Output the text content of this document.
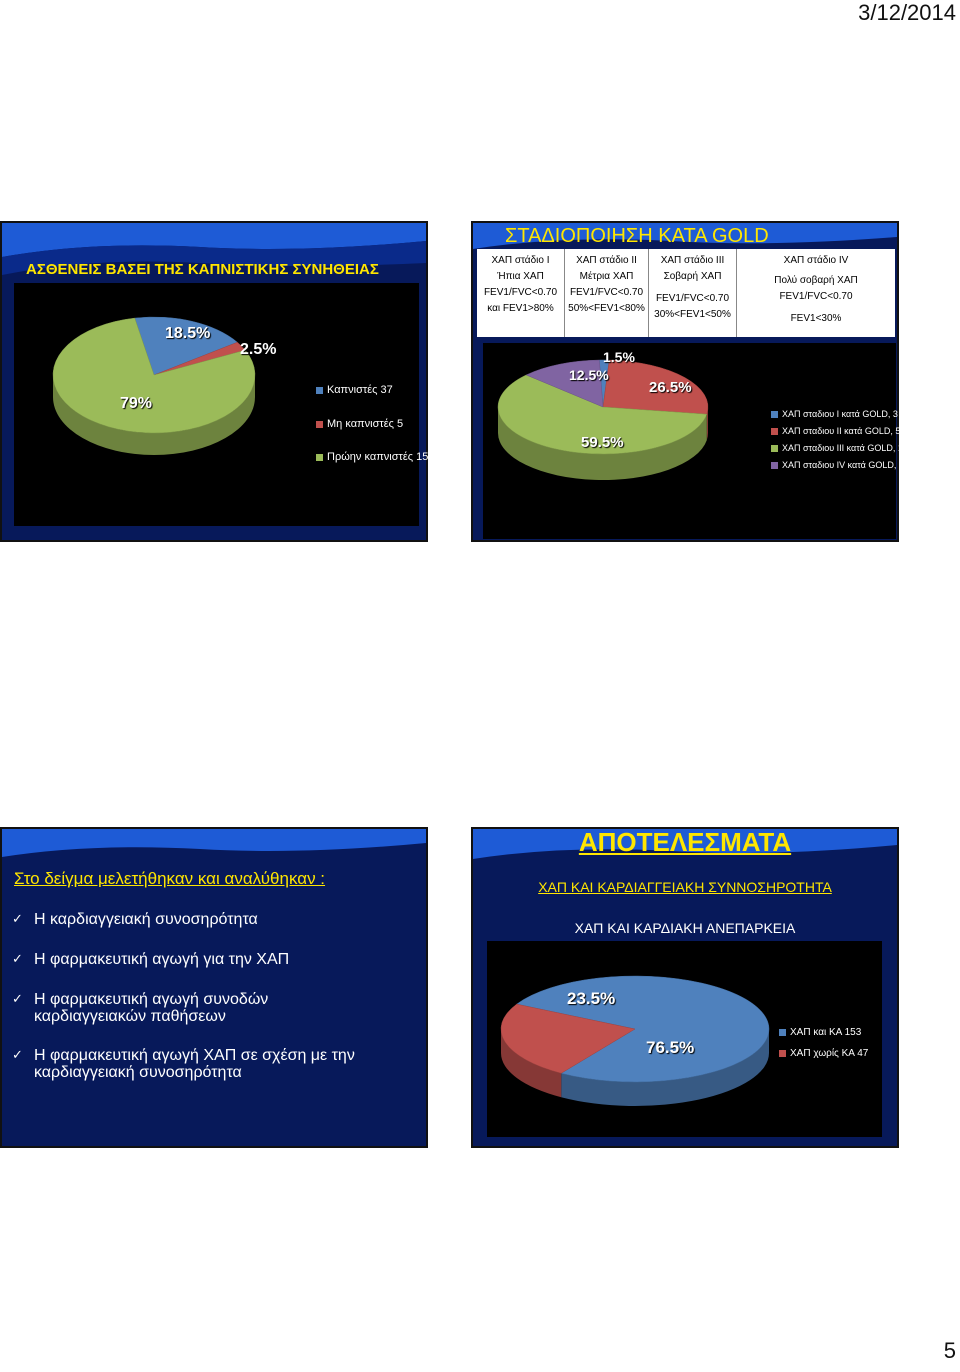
3/12/2014
ΑΣΘΕΝΕΙΣ ΒΑΣΕΙ ΤΗΣ ΚΑΠΝΙΣΤΙΚΗΣ ΣΥΝΗΘΕΙΑΣ
18.5%
2.5%
79%
Καπνιστές 37
Μη καπνιστές 5
Πρώην καπνιστές 158
ΣΤΑΔΙΟΠΟΙΗΣΗ ΚΑΤΑ GOLD
ΧΑΠ στάδιο Ι
Ήπια ΧΑΠ
FEV1/FVC<0.70
και FEV1>80%
ΧΑΠ στάδιο ΙΙ
Μέτρια ΧΑΠ
FEV1/FVC<0.70
50%<FEV1<80%
ΧΑΠ στάδιο ΙΙΙ
Σοβαρή ΧΑΠ
FEV1/FVC<0.70
30%<FEV1<50%
ΧΑΠ στάδιο ΙV
Πολύ σοβαρή ΧΑΠ
FEV1/FVC<0.70
FEV1<30%
1.5%
26.5%
59.5%
12.5%
ΧΑΠ σταδιου Ι κατά GOLD, 3
ΧΑΠ σταδιου ΙΙ κατά GOLD, 53
ΧΑΠ σταδιου ΙΙΙ κατά GOLD, 119
ΧΑΠ σταδιου ΙV κατά GOLD, 25
Στο δείγμα μελετήθηκαν και αναλύθηκαν :
✓ Η καρδιαγγειακή συνοσηρότητα
✓ Η φαρμακευτική αγωγή για την ΧΑΠ
✓ Η φαρμακευτική αγωγή συνοδών καρδιαγγειακών παθήσεων
✓ Η φαρμακευτική αγωγή ΧΑΠ σε σχέση με την καρδιαγγειακή συνοσηρότητα
ΑΠΟΤΕΛΕΣΜΑΤΑ
ΧΑΠ ΚΑΙ ΚΑΡΔΙΑΓΓΕΙΑΚΗ ΣΥΝΝΟΣΗΡΟΤΗΤΑ
ΧΑΠ ΚΑΙ ΚΑΡΔΙΑΚΗ ΑΝΕΠΑΡΚΕΙΑ
76.5%
23.5%
ΧΑΠ και ΚΑ 153
ΧΑΠ χωρίς ΚΑ 47
5
